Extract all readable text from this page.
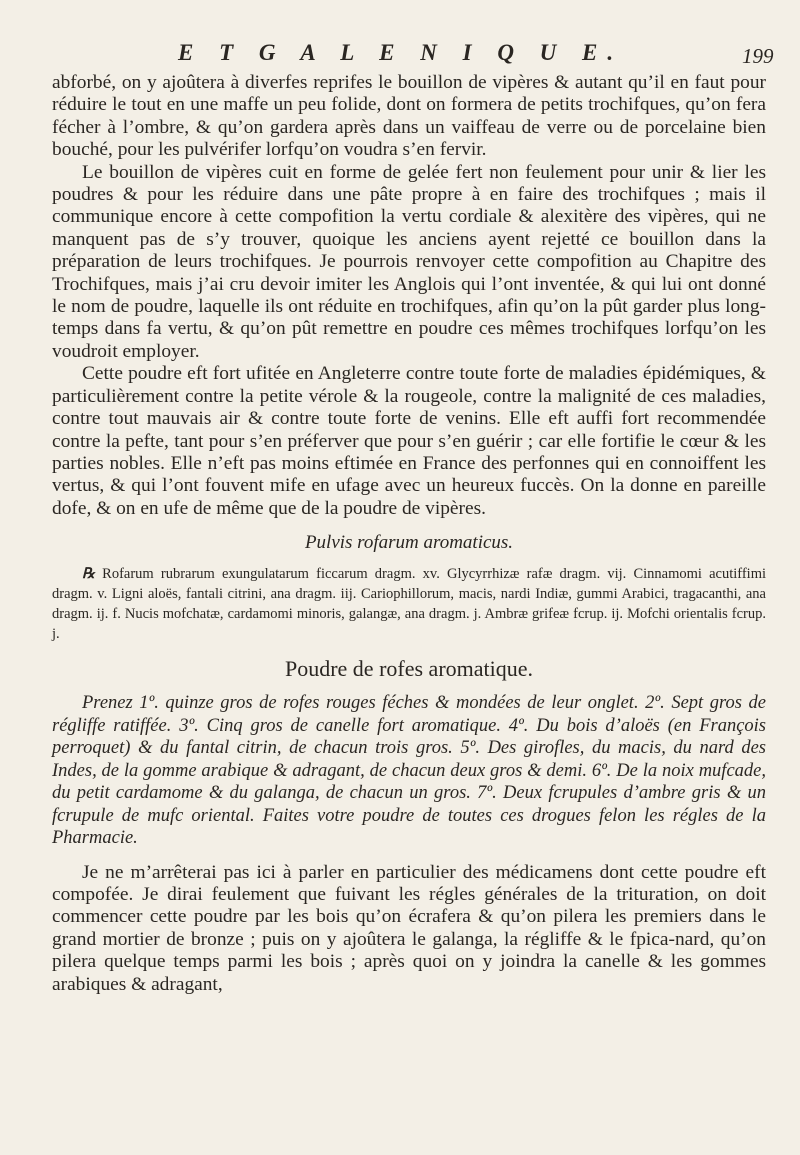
E T G A L E N I Q U E.	199

abforbé, on y ajoûtera à diverfes reprifes le bouillon de vipères & autant qu’il en faut pour réduire le tout en une maffe un peu folide, dont on formera de petits trochifques, qu’on fera fécher à l’ombre, & qu’on gardera après dans un vaiffeau de verre ou de porcelaine bien bouché, pour les pulvérifer lorfqu’on voudra s’en fervir.

Le bouillon de vipères cuit en forme de gelée fert non feulement pour unir & lier les poudres & pour les réduire dans une pâte propre à en faire des trochifques ; mais il communique encore à cette compofition la vertu cordiale & alexitère des vipères, qui ne manquent pas de s’y trouver, quoique les anciens ayent rejetté ce bouillon dans la préparation de leurs trochifques. Je pourrois renvoyer cette compofition au Chapitre des Trochifques, mais j’ai cru devoir imiter les Anglois qui l’ont inventée, & qui lui ont donné le nom de poudre, laquelle ils ont réduite en trochifques, afin qu’on la pût garder plus long-temps dans fa vertu, & qu’on pût remettre en poudre ces mêmes trochifques lorfqu’on les voudroit employer.

Cette poudre eft fort ufitée en Angleterre contre toute forte de maladies épidémiques, & particulièrement contre la petite vérole & la rougeole, contre la malignité de ces maladies, contre tout mauvais air & contre toute forte de venins. Elle eft auffi fort recommendée contre la pefte, tant pour s’en préferver que pour s’en guérir ; car elle fortifie le cœur & les parties nobles. Elle n’eft pas moins eftimée en France des perfonnes qui en connoiffent les vertus, & qui l’ont fouvent mife en ufage avec un heureux fuccès. On la donne en pareille dofe, & on en ufe de même que de la poudre de vipères.

Pulvis rofarum aromaticus.

℞ Rofarum rubrarum exungulatarum ficcarum dragm. xv. Glycyrrhizæ rafæ dragm. vij. Cinnamomi acutiffimi dragm. v. Ligni aloës, fantali citrini, ana dragm. iij. Cariophillorum, macis, nardi Indiæ, gummi Arabici, tragacanthi, ana dragm. ij. f. Nucis mofchatæ, cardamomi minoris, galangæ, ana dragm. j. Ambræ grifeæ fcrup. ij. Mofchi orientalis fcrup. j.

Poudre de rofes aromatique.

Prenez 1º. quinze gros de rofes rouges féches & mondées de leur onglet. 2º. Sept gros de régliffe ratiffée. 3º. Cinq gros de canelle fort aromatique. 4º. Du bois d’aloës (en François perroquet) & du fantal citrin, de chacun trois gros. 5º. Des girofles, du macis, du nard des Indes, de la gomme arabique & adragant, de chacun deux gros & demi. 6º. De la noix mufcade, du petit cardamome & du galanga, de chacun un gros. 7º. Deux fcrupules d’ambre gris & un fcrupule de mufc oriental. Faites votre poudre de toutes ces drogues felon les régles de la Pharmacie.

Je ne m’arrêterai pas ici à parler en particulier des médicamens dont cette poudre eft compofée. Je dirai feulement que fuivant les régles générales de la trituration, on doit commencer cette poudre par les bois qu’on écrafera & qu’on pilera les premiers dans le grand mortier de bronze ; puis on y ajoûtera le galanga, la régliffe & le fpica-nard, qu’on pilera quelque temps parmi les bois ; après quoi on y joindra la canelle & les gommes arabiques & adragant,
